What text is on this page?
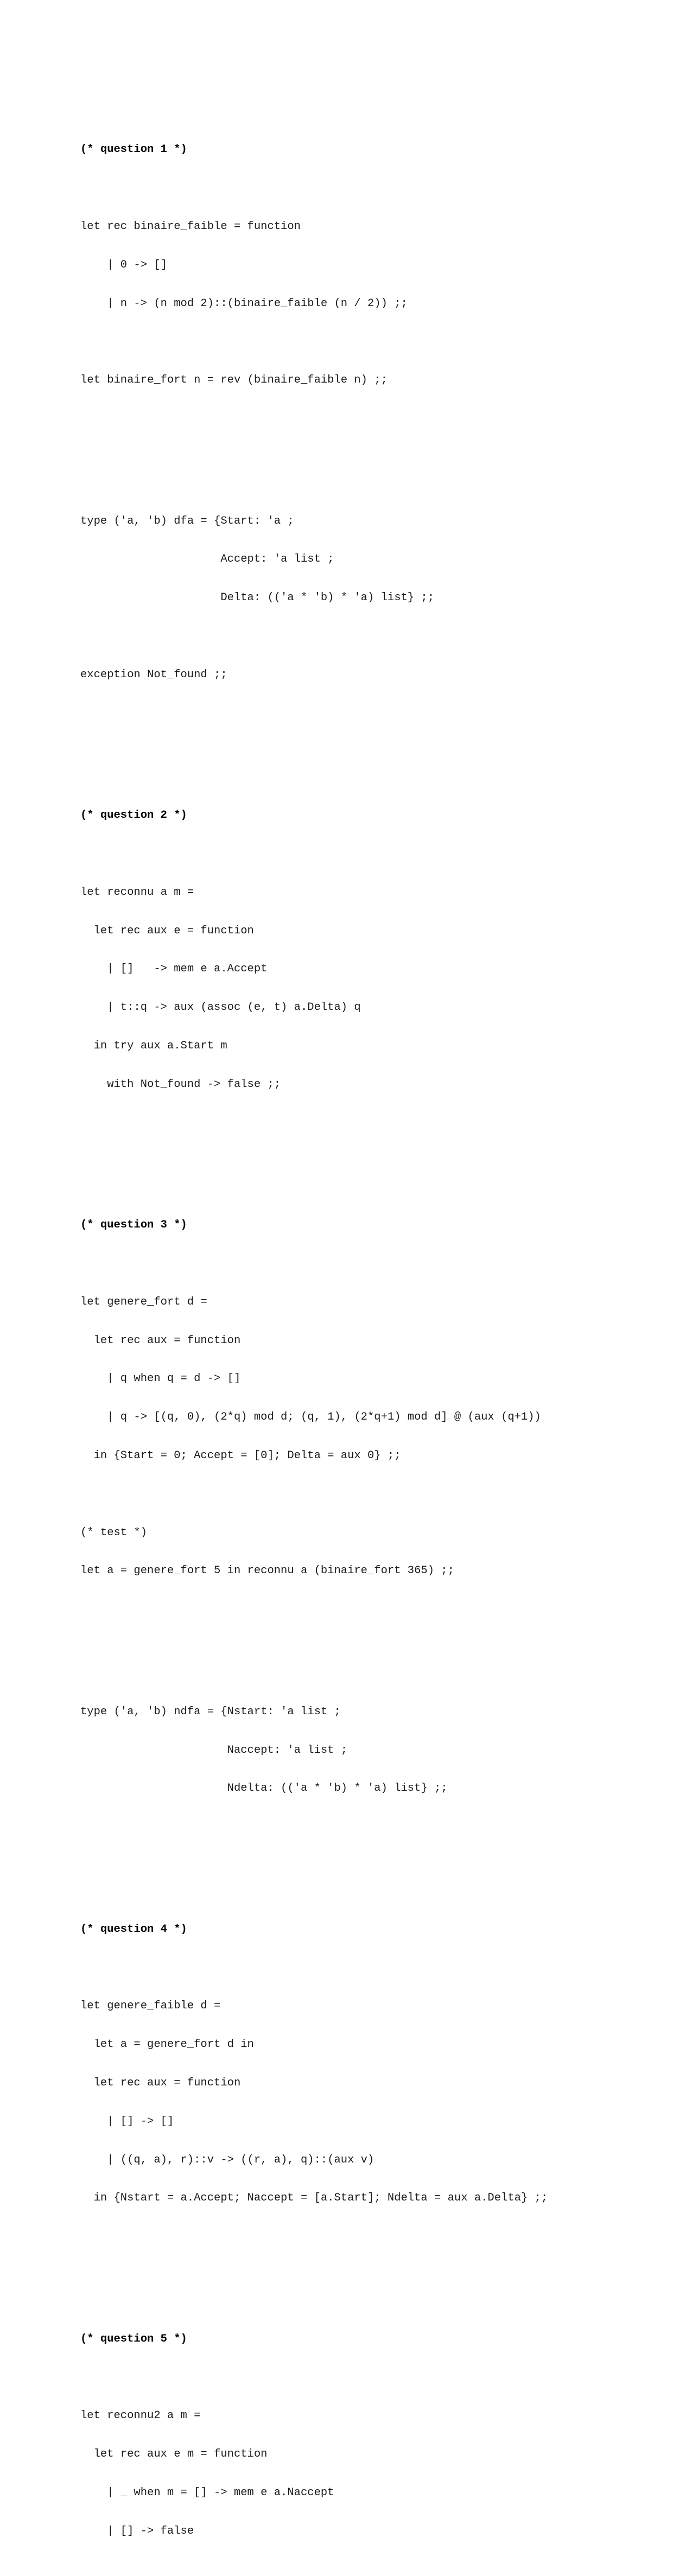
(* question 1 *)

let rec binaire_faible = function

| 0 -> []

| n -> (n mod 2)::(binaire_faible (n / 2)) ;;

let binaire_fort n = rev (binaire_faible n) ;;

type ('a, 'b) dfa = {Start: 'a ;

Accept: 'a list ;

Delta: (('a * 'b) * 'a) list} ;;

exception Not_found ;;

(* question 2 *)

let reconnu a m =

let rec aux e = function

| []   -> mem e a.Accept

| t::q -> aux (assoc (e, t) a.Delta) q

in try aux a.Start m

with Not_found -> false ;;

(* question 3 *)

let genere_fort d =

let rec aux = function

| q when q = d -> []

| q -> [(q, 0), (2*q) mod d; (q, 1), (2*q+1) mod d] @ (aux (q+1))

in {Start = 0; Accept = [0]; Delta = aux 0} ;;

(* test *)

let a = genere_fort 5 in reconnu a (binaire_fort 365) ;;

type ('a, 'b) ndfa = {Nstart: 'a list ;

Naccept: 'a list ;

Ndelta: (('a * 'b) * 'a) list} ;;

(* question 4 *)

let genere_faible d =

let a = genere_fort d in

let rec aux = function

| [] -> []

| ((q, a), r)::v -> ((r, a), q)::(aux v)

in {Nstart = a.Accept; Naccept = [a.Start]; Ndelta = aux a.Delta} ;;

(* question 5 *)

let reconnu2 a m =

let rec aux e m = function

| _ when m = [] -> mem e a.Naccept

| [] -> false
